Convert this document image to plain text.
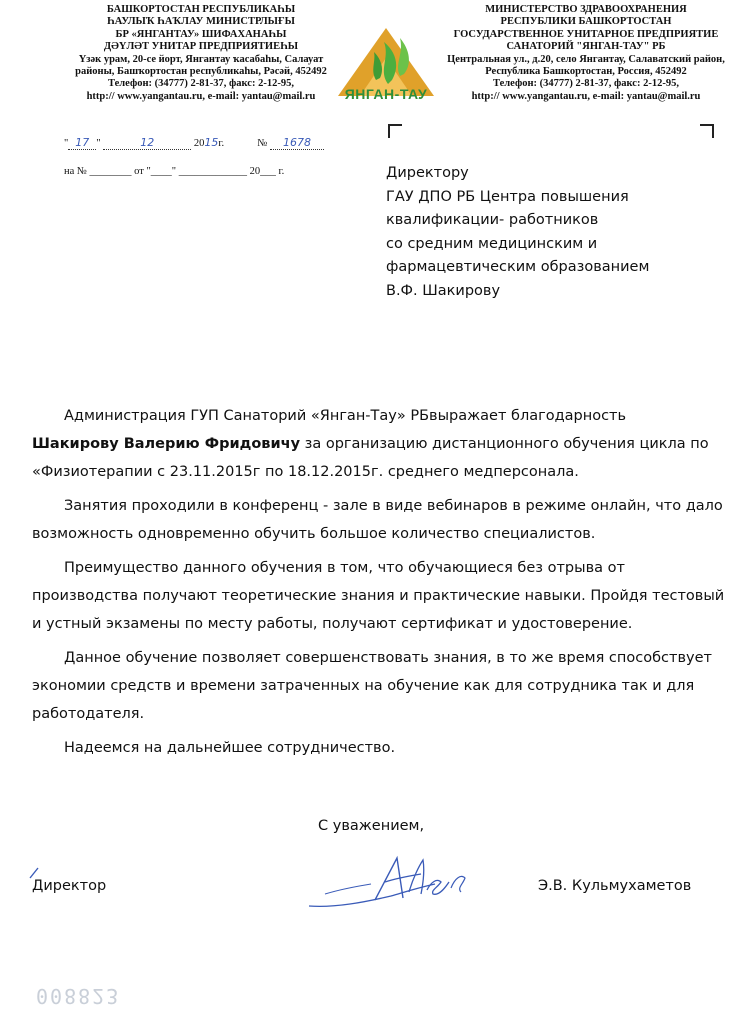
БАШКОРТОСТАН РЕСПУБЛИКАҺЫ
ҺАУЛЫҠ ҺАҠЛАУ МИНИСТРЛЫҒЫ
БР «ЯНГАНТАУ» ШИФАХАНАҺЫ
ДӘҮЛӘТ УНИТАР ПРЕДПРИЯТИЕҺЫ
Үзәк урам, 20-се йорт, Янгантау ҡасабаһы, Салауат
районы, Башҡортостан республикаһы, Рәсәй, 452492
Телефон: (34777) 2-81-37, факс: 2-12-95,
http:// www.yangantau.ru, e-mail: yantau@mail.ru	ЯНГАН-ТАУ
МИНИСТЕРСТВО ЗДРАВООХРАНЕНИЯ
РЕСПУБЛИКИ БАШКОРТОСТАН
ГОСУДАРСТВЕННОЕ УНИТАРНОЕ ПРЕДПРИЯТИЕ
САНАТОРИЙ "ЯНГАН-ТАУ" РБ
Центральная ул., д.20, село Янгантау, Салаватский район,
Республика Башкортостан, Россия, 452492
Телефон: (34777) 2-81-37, факс: 2-12-95,
http:// www.yangantau.ru, e-mail: yantau@mail.ru
" 17 "	12	2015г.	№ 1678
на № ________ от "____" _____________ 20___ г.	Директору
ГАУ ДПО РБ Центра повышения
квалификации- работников
со средним медицинским и
фармацевтическим образованием
В.Ф. Шакирову
Администрация ГУП Санаторий «Янган-Тау» РБвыражает благодарность
Шакирову Валерию Фридовичу за организацию дистанционного обучения цикла по
«Физиотерапии с 23.11.2015г по 18.12.2015г. среднего медперсонала.
Занятия проходили в конференц - зале в виде вебинаров в режиме онлайн, что дало
возможность одновременно обучить большое количество специалистов.
Преимущество данного обучения в том, что обучающиеся без отрыва от
производства получают теоретические знания и практические навыки. Пройдя тестовый
и устный экзамены по месту работы, получают сертификат и удостоверение.
Данное обучение позволяет совершенствовать знания, в то же время способствует
экономии средств и времени затраченных на обучение как для сотрудника так и для
работодателя.
Надеемся на дальнейшее сотрудничество.
С уважением,
Директор	Э.В. Кульмухаметов
008823
